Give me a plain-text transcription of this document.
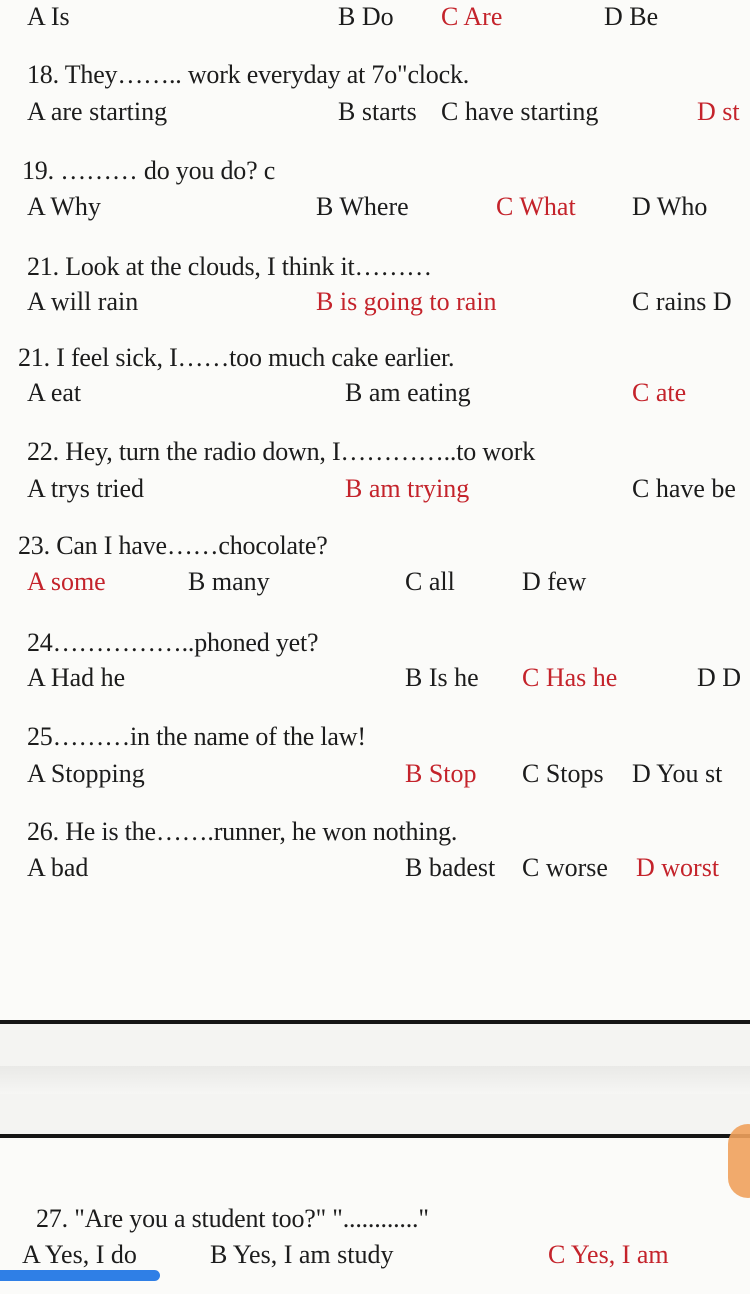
A Is	B Do C Are	D Be
18. They…….. work everyday at 7o"clock.
A are starting	B starts C have starting	D st
19. ……… do you do? c
A Why	B Where	C What D Who
21. Look at the clouds, I think it………
A will rain	B is going to rain	C rains D
21. I feel sick, I……too much cake earlier.
A eat	B am eating	C ate
22. Hey, turn the radio down, I…………..to work
A trys tried	B am trying	C have be
23. Can I have……chocolate?
A some	B many	C all	D few
24……………..phoned yet?
A Had he	B Is he C Has he	D D
25………in the name of the law!
A Stopping	B Stop C Stops D You st
26. He is the…….runner, he won nothing.
A bad	B badest C worse D worst
27. "Are you a student too?" "............"
A Yes, I do	B Yes, I am study	C Yes, I am
